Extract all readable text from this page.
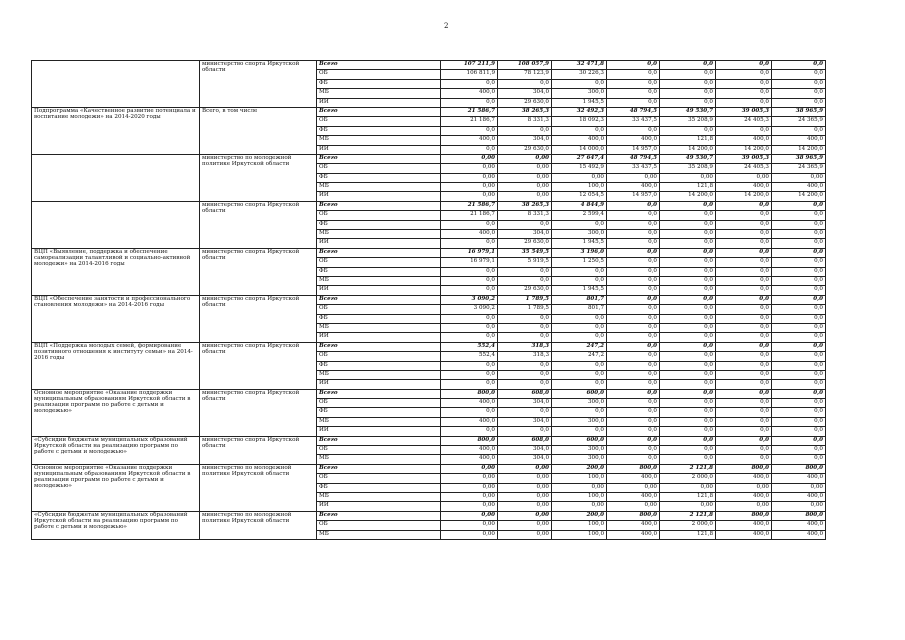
2
	министерство спорта Иркутской области	Всего	107 211,9	108 057,9	32 471,8	0,0	0,0	0,0	0,0
		ОБ	106 811,9	78 123,9	30 226,3	0,0	0,0	0,0	0,0
		ФБ	0,0	0,0	0,0	0,0	0,0	0,0	0,0
		МБ	400,0	304,0	300,0	0,0	0,0	0,0	0,0
		ИИ	0,0	29 630,0	1 945,5	0,0	0,0	0,0	0,0
Подпрограмма «Качественное развитие потенциала и воспитание молодежи» на 2014-2020 годы	Всего, в том числе	Всего	21 586,7	38 265,3	32 492,3	48 794,5	49 530,7	39 005,3	38 965,9
		ОБ	21 186,7	8 331,3	18 092,3	33 437,5	35 208,9	24 405,3	24 365,9
		ФБ	0,0	0,0	0,0	0,0	0,0	0,0	0,0
		МБ	400,0	304,0	400,0	400,0	121,8	400,0	400,0
		ИИ	0,0	29 630,0	14 000,0	14 957,0	14 200,0	14 200,0	14 200,0
	министерство по молодежной политике Иркутской области	Всего	0,00	0,00	27 647,4	48 794,5	49 530,7	39 005,3	38 965,9
		ОБ	0,00	0,00	15 492,9	33 437,5	35 208,9	24 405,3	24 365,9
		ФБ	0,00	0,00	0,00	0,00	0,00	0,00	0,00
		МБ	0,00	0,00	100,0	400,0	121,8	400,0	400,0
		ИИ	0,00	0,00	12 054,5	14 957,0	14 200,0	14 200,0	14 200,0
	министерство спорта Иркутской области	Всего	21 586,7	38 265,3	4 844,9	0,0	0,0	0,0	0,0
		ОБ	21 186,7	8 331,3	2 599,4	0,0	0,0	0,0	0,0
		ФБ	0,0	0,0	0,0	0,0	0,0	0,0	0,0
		МБ	400,0	304,0	300,0	0,0	0,0	0,0	0,0
		ИИ	0,0	29 630,0	1 945,5	0,0	0,0	0,0	0,0
ВЦП «Выявление, поддержка и обеспечение самореализации талантливой и социально-активной молодежи» на 2014-2016 годы	министерство спорта Иркутской области	Всего	16 979,1	35 549,5	3 196,0	0,0	0,0	0,0	0,0
		ОБ	16 979,1	5 919,5	1 250,5	0,0	0,0	0,0	0,0
		ФБ	0,0	0,0	0,0	0,0	0,0	0,0	0,0
		МБ	0,0	0,0	0,0	0,0	0,0	0,0	0,0
		ИИ	0,0	29 630,0	1 945,5	0,0	0,0	0,0	0,0
ВЦП «Обеспечение занятости и профессионального становления молодежи» на 2014-2016 годы	министерство спорта Иркутской области	Всего	3 090,2	1 789,5	801,7	0,0	0,0	0,0	0,0
		ОБ	3 090,2	1 789,5	801,7	0,0	0,0	0,0	0,0
		ФБ	0,0	0,0	0,0	0,0	0,0	0,0	0,0
		МБ	0,0	0,0	0,0	0,0	0,0	0,0	0,0
		ИИ	0,0	0,0	0,0	0,0	0,0	0,0	0,0
ВЦП «Поддержка молодых семей, формирование позитивного отношения к институту семьи» на 2014-2016 годы	министерство спорта Иркутской области	Всего	552,4	318,3	247,2	0,0	0,0	0,0	0,0
		ОБ	552,4	318,3	247,2	0,0	0,0	0,0	0,0
		ФБ	0,0	0,0	0,0	0,0	0,0	0,0	0,0
		МБ	0,0	0,0	0,0	0,0	0,0	0,0	0,0
		ИИ	0,0	0,0	0,0	0,0	0,0	0,0	0,0
Основное мероприятие «Оказание поддержки муниципальным образованиям Иркутской области в реализации программ по работе с детьми и молодежью»	министерство спорта Иркутской области	Всего	800,0	608,0	600,0	0,0	0,0	0,0	0,0
		ОБ	400,0	304,0	300,0	0,0	0,0	0,0	0,0
		ФБ	0,0	0,0	0,0	0,0	0,0	0,0	0,0
		МБ	400,0	304,0	300,0	0,0	0,0	0,0	0,0
		ИИ	0,0	0,0	0,0	0,0	0,0	0,0	0,0
«Субсидии бюджетам муниципальных образований Иркутской области на реализацию программ по работе с детьми и молодежью»	министерство спорта Иркутской области	Всего	800,0	608,0	600,0	0,0	0,0	0,0	0,0
		ОБ	400,0	304,0	300,0	0,0	0,0	0,0	0,0
		МБ	400,0	304,0	300,0	0,0	0,0	0,0	0,0
Основное мероприятие «Оказание поддержки муниципальным образованиям Иркутской области в реализации программ по работе с детьми и молодежью»	министерство по молодежной политике Иркутской области	Всего	0,00	0,00	200,0	800,0	2 121,8	800,0	800,0
		ОБ	0,00	0,00	100,0	400,0	2 000,0	400,0	400,0
		ФБ	0,00	0,00	0,00	0,00	0,00	0,00	0,00
		МБ	0,00	0,00	100,0	400,0	121,8	400,0	400,0
		ИИ	0,00	0,00	0,00	0,00	0,00	0,00	0,00
«Субсидии бюджетам муниципальных образований Иркутской области на реализацию программ по работе с детьми и молодежью»	министерство по молодежной политике Иркутской области	Всего	0,00	0,00	200,0	800,0	2 121,8	800,0	800,0
		ОБ	0,00	0,00	100,0	400,0	2 000,0	400,0	400,0
		МБ	0,00	0,00	100,0	400,0	121,8	400,0	400,0
